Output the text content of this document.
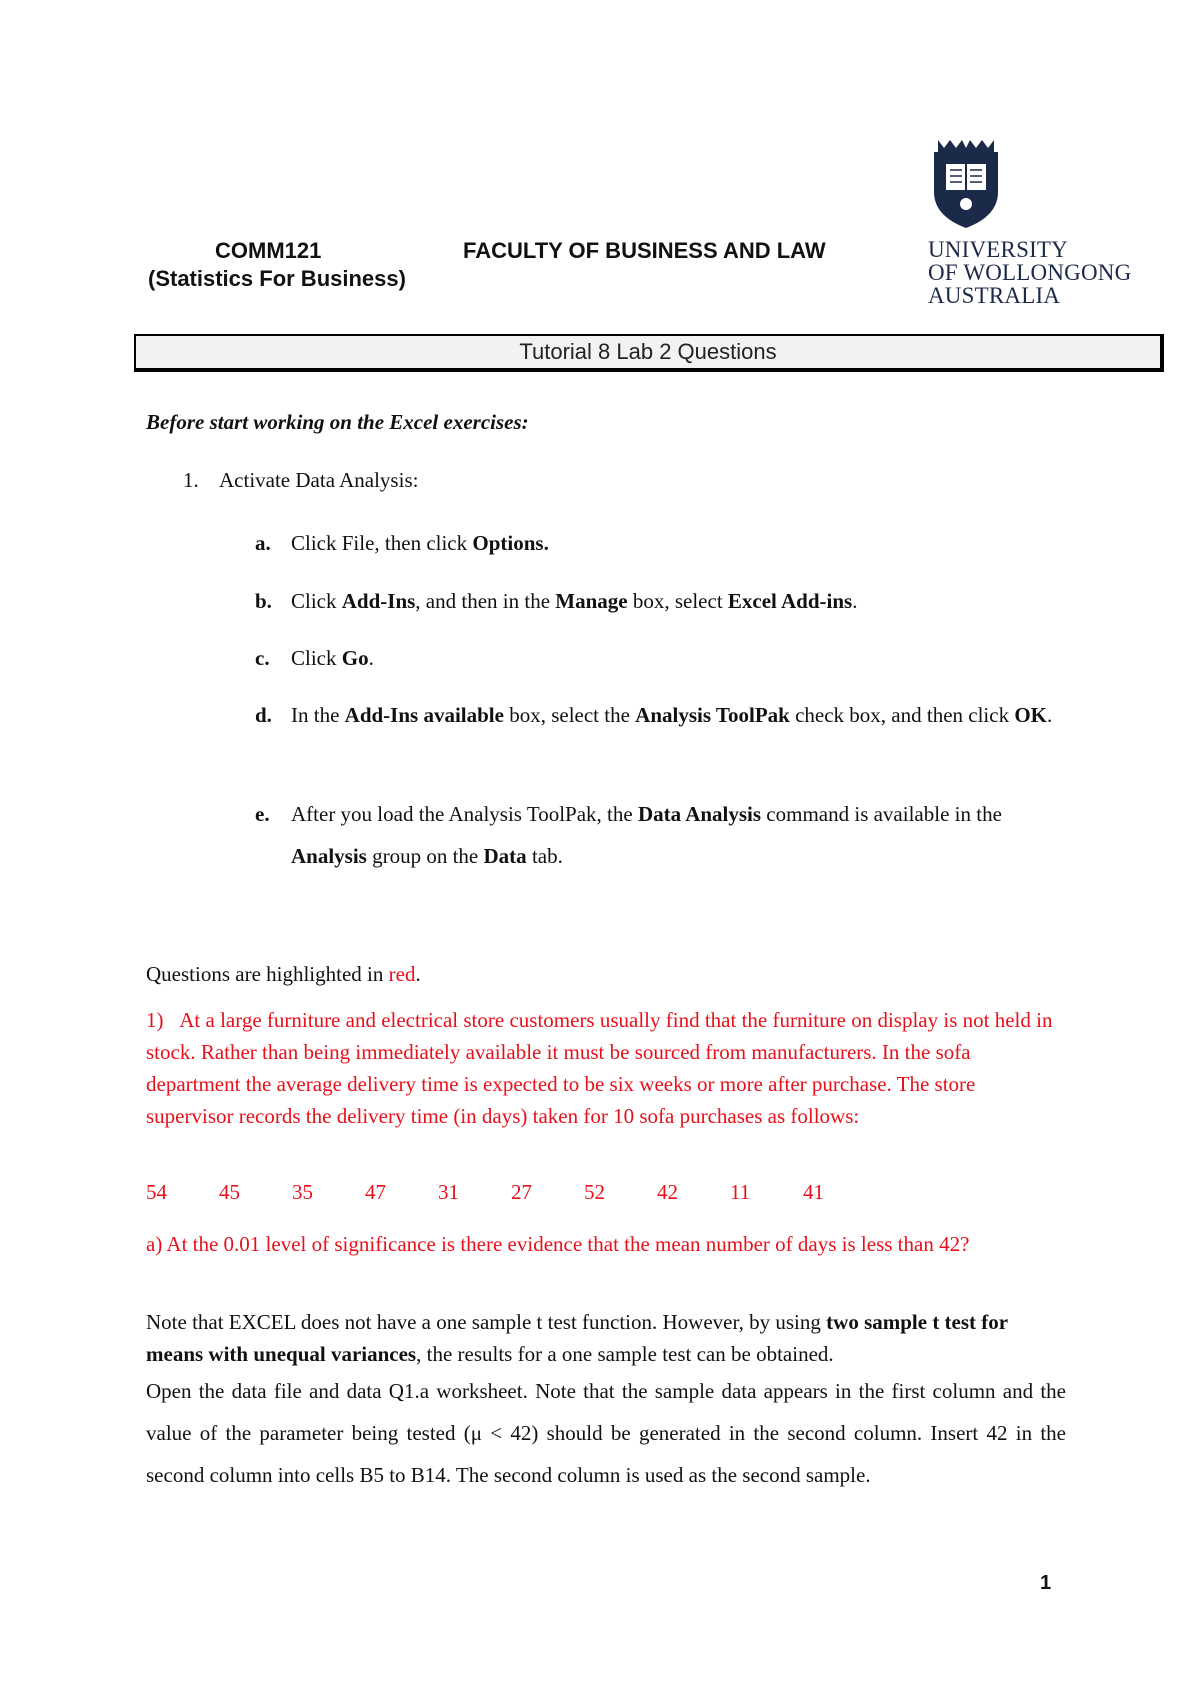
COMM121
(Statistics For Business)
FACULTY OF BUSINESS AND LAW	UNIVERSITY
OF WOLLONGONG
AUSTRALIA
Tutorial 8 Lab 2 Questions
Before start working on the Excel exercises:
1. Activate Data Analysis:
a. Click File, then click Options.
b. Click Add-Ins, and then in the Manage box, select Excel Add-ins.
c. Click Go.
d. In the Add-Ins available box, select the Analysis ToolPak check box, and then click OK.
e. After you load the Analysis ToolPak, the Data Analysis command is available in the Analysis group on the Data tab.
Questions are highlighted in red.
1) At a large furniture and electrical store customers usually find that the furniture on display is not held in stock. Rather than being immediately available it must be sourced from manufacturers. In the sofa department the average delivery time is expected to be six weeks or more after purchase. The store supervisor records the delivery time (in days) taken for 10 sofa purchases as follows:
54 45 35 47 31 27 52 42 11	41
a) At the 0.01 level of significance is there evidence that the mean number of days is less than 42?
Note that EXCEL does not have a one sample t test function. However, by using two sample t test for means with unequal variances, the results for a one sample test can be obtained.
Open the data file and data Q1.a worksheet. Note that the sample data appears in the first column and the value of the parameter being tested (μ < 42) should be generated in the second column. Insert 42 in the second column into cells B5 to B14. The second column is used as the second sample.
1
